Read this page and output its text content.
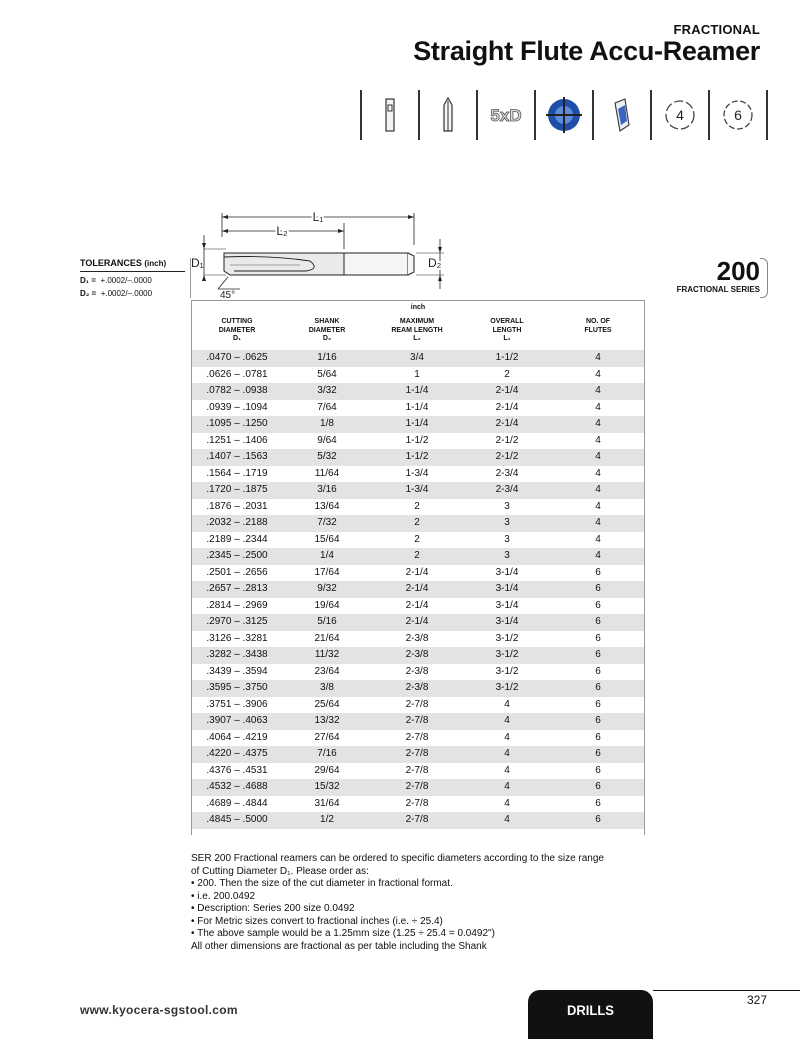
FRACTIONAL
Straight Flute Accu-Reamer
5xD	4	6
TOLERANCES (inch)
D₁ = +.0002/–.0000
D₂ = +.0002/–.0000
L₁
L₂
D₁	D₂
45°
200
FRACTIONAL SERIES
inch
CUTTING
DIAMETER
D₁
SHANK
DIAMETER
D₂
MAXIMUM
REAM LENGTH
L₂
OVERALL
LENGTH
L₁
NO. OF
FLUTES
.0470 – .0625	1/16	3/4	1-1/2	4
.0626 – .0781	5/64	1	2	4
.0782 – .0938	3/32	1-1/4	2-1/4	4
.0939 – .1094	7/64	1-1/4	2-1/4	4
.1095 – .1250	1/8	1-1/4	2-1/4	4
.1251 – .1406	9/64	1-1/2	2-1/2	4
.1407 – .1563	5/32	1-1/2	2-1/2	4
.1564 – .1719	11/64	1-3/4	2-3/4	4
.1720 – .1875	3/16	1-3/4	2-3/4	4
.1876 – .2031	13/64	2	3	4
.2032 – .2188	7/32	2	3	4
.2189 – .2344	15/64	2	3	4
.2345 – .2500	1/4	2	3	4
.2501 – .2656	17/64	2-1/4	3-1/4	6
.2657 – .2813	9/32	2-1/4	3-1/4	6
.2814 – .2969	19/64	2-1/4	3-1/4	6
.2970 – .3125	5/16	2-1/4	3-1/4	6
.3126 – .3281	21/64	2-3/8	3-1/2	6
.3282 – .3438	11/32	2-3/8	3-1/2	6
.3439 – .3594	23/64	2-3/8	3-1/2	6
.3595 – .3750	3/8	2-3/8	3-1/2	6
.3751 – .3906	25/64	2-7/8	4	6
.3907 – .4063	13/32	2-7/8	4	6
.4064 – .4219	27/64	2-7/8	4	6
.4220 – .4375	7/16	2-7/8	4	6
.4376 – .4531	29/64	2-7/8	4	6
.4532 – .4688	15/32	2-7/8	4	6
.4689 – .4844	31/64	2-7/8	4	6
.4845 – .5000	1/2	2-7/8	4	6
SER 200 Fractional reamers can be ordered to specific diameters according to the size range
of Cutting Diameter D₁. Please order as:
• 200. Then the size of the cut diameter in fractional format.
• i.e. 200.0492
• Description: Series 200 size 0.0492
• For Metric sizes convert to fractional inches (i.e. ÷ 25.4)
• The above sample would be a 1.25mm size (1.25 ÷ 25.4 = 0.0492")
All other dimensions are fractional as per table including the Shank
www.kyocera-sgstool.com	DRILLS
327
